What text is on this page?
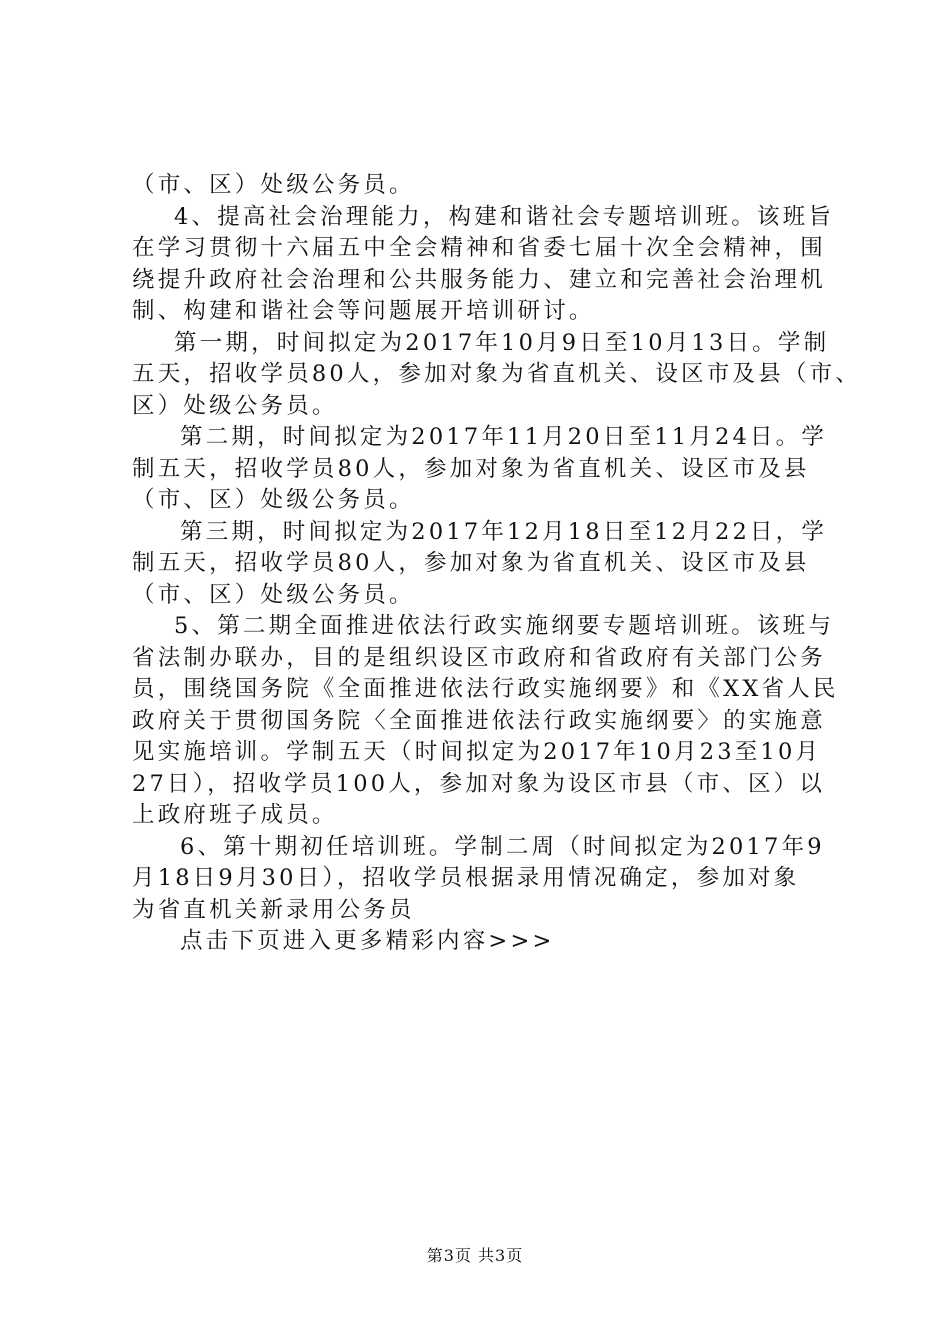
（市、区）处级公务员。
4、提高社会治理能力，构建和谐社会专题培训班。该班旨
在学习贯彻十六届五中全会精神和省委七届十次全会精神，围
绕提升政府社会治理和公共服务能力、建立和完善社会治理机
制、构建和谐社会等问题展开培训研讨。
第一期，时间拟定为2017年10月9日至10月13日。学制
五天，招收学员80人，参加对象为省直机关、设区市及县（市、
区）处级公务员。
第二期，时间拟定为2017年11月20日至11月24日。学
制五天，招收学员80人，参加对象为省直机关、设区市及县
（市、区）处级公务员。
第三期，时间拟定为2017年12月18日至12月22日，学
制五天，招收学员80人，参加对象为省直机关、设区市及县
（市、区）处级公务员。
5、第二期全面推进依法行政实施纲要专题培训班。该班与
省法制办联办，目的是组织设区市政府和省政府有关部门公务
员，围绕国务院《全面推进依法行政实施纲要》和《XX省人民
政府关于贯彻国务院〈全面推进依法行政实施纲要〉的实施意
见实施培训。学制五天（时间拟定为2017年10月23至10月
27日），招收学员100人，参加对象为设区市县（市、区）以
上政府班子成员。
6、第十期初任培训班。学制二周（时间拟定为2017年9
月18日9月30日），招收学员根据录用情况确定，参加对象
为省直机关新录用公务员
点击下页进入更多精彩内容>>>
第3页 共3页
